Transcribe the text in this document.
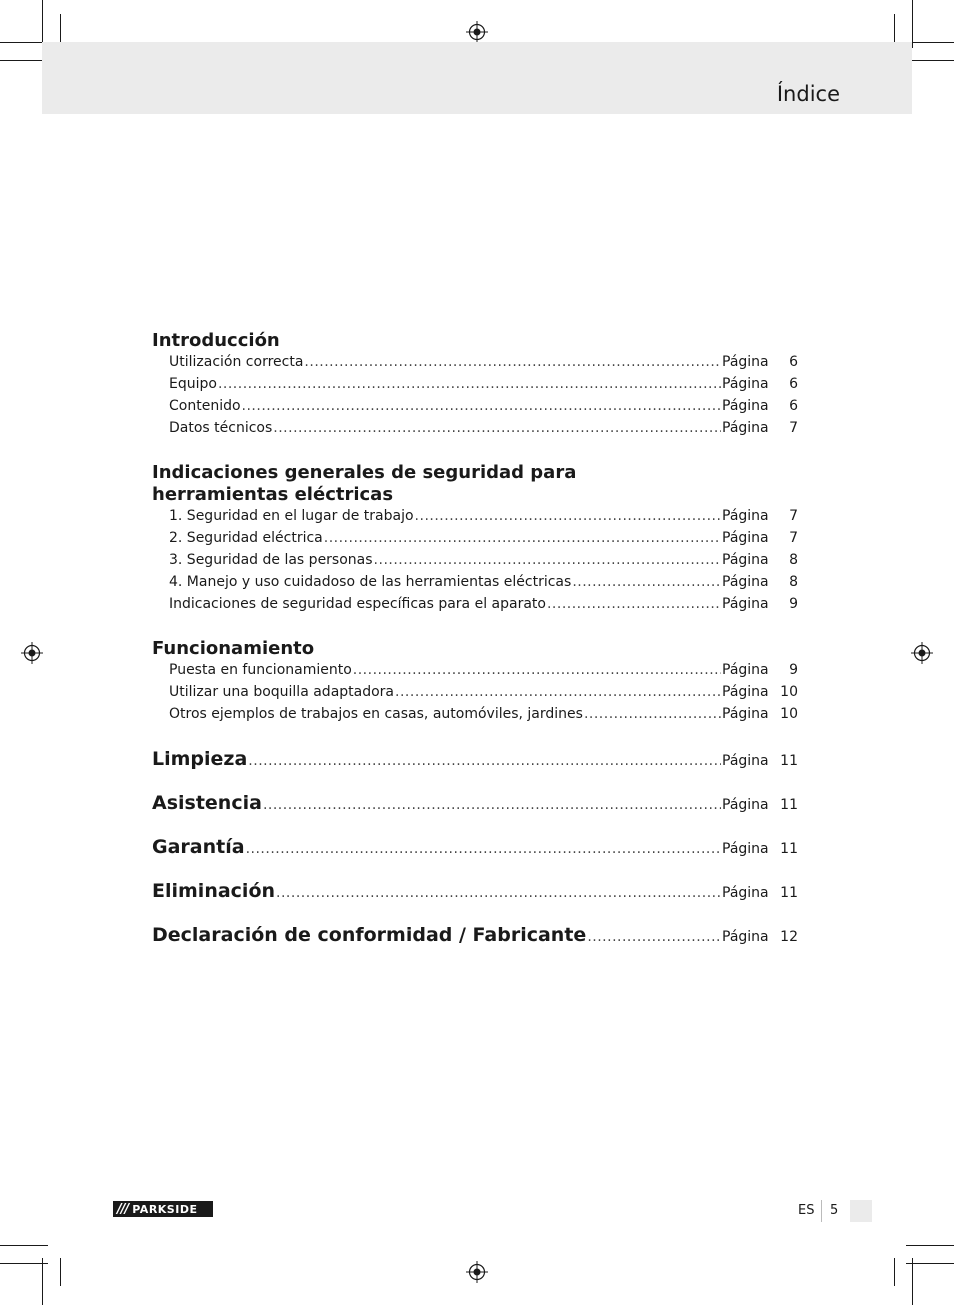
Índice
Introducción
Utilización correcta .....	Página	6
Equipo .....	Página	6
Contenido .....	Página	6
Datos técnicos .....	Página	7
Indicaciones generales de seguridad para
herramientas eléctricas
1. Seguridad en el lugar de trabajo .....	Página	7
2. Seguridad eléctrica .....	Página	7
3. Seguridad de las personas .....	Página	8
4. Manejo y uso cuidadoso de las herramientas eléctricas .....	Página	8
Indicaciones de seguridad específicas para el aparato .....	Página	9
Funcionamiento
Puesta en funcionamiento .....	Página	9
Utilizar una boquilla adaptadora .....	Página 10
Otros ejemplos de trabajos en casas, automóviles, jardines .....	Página 10
Limpieza .....	Página 11
Asistencia .....	Página 11
Garantía .....	Página 11
Eliminación .....	Página 11
Declaración de conformidad / Fabricante .....	Página 12
/// PARKSIDE	ES 5
